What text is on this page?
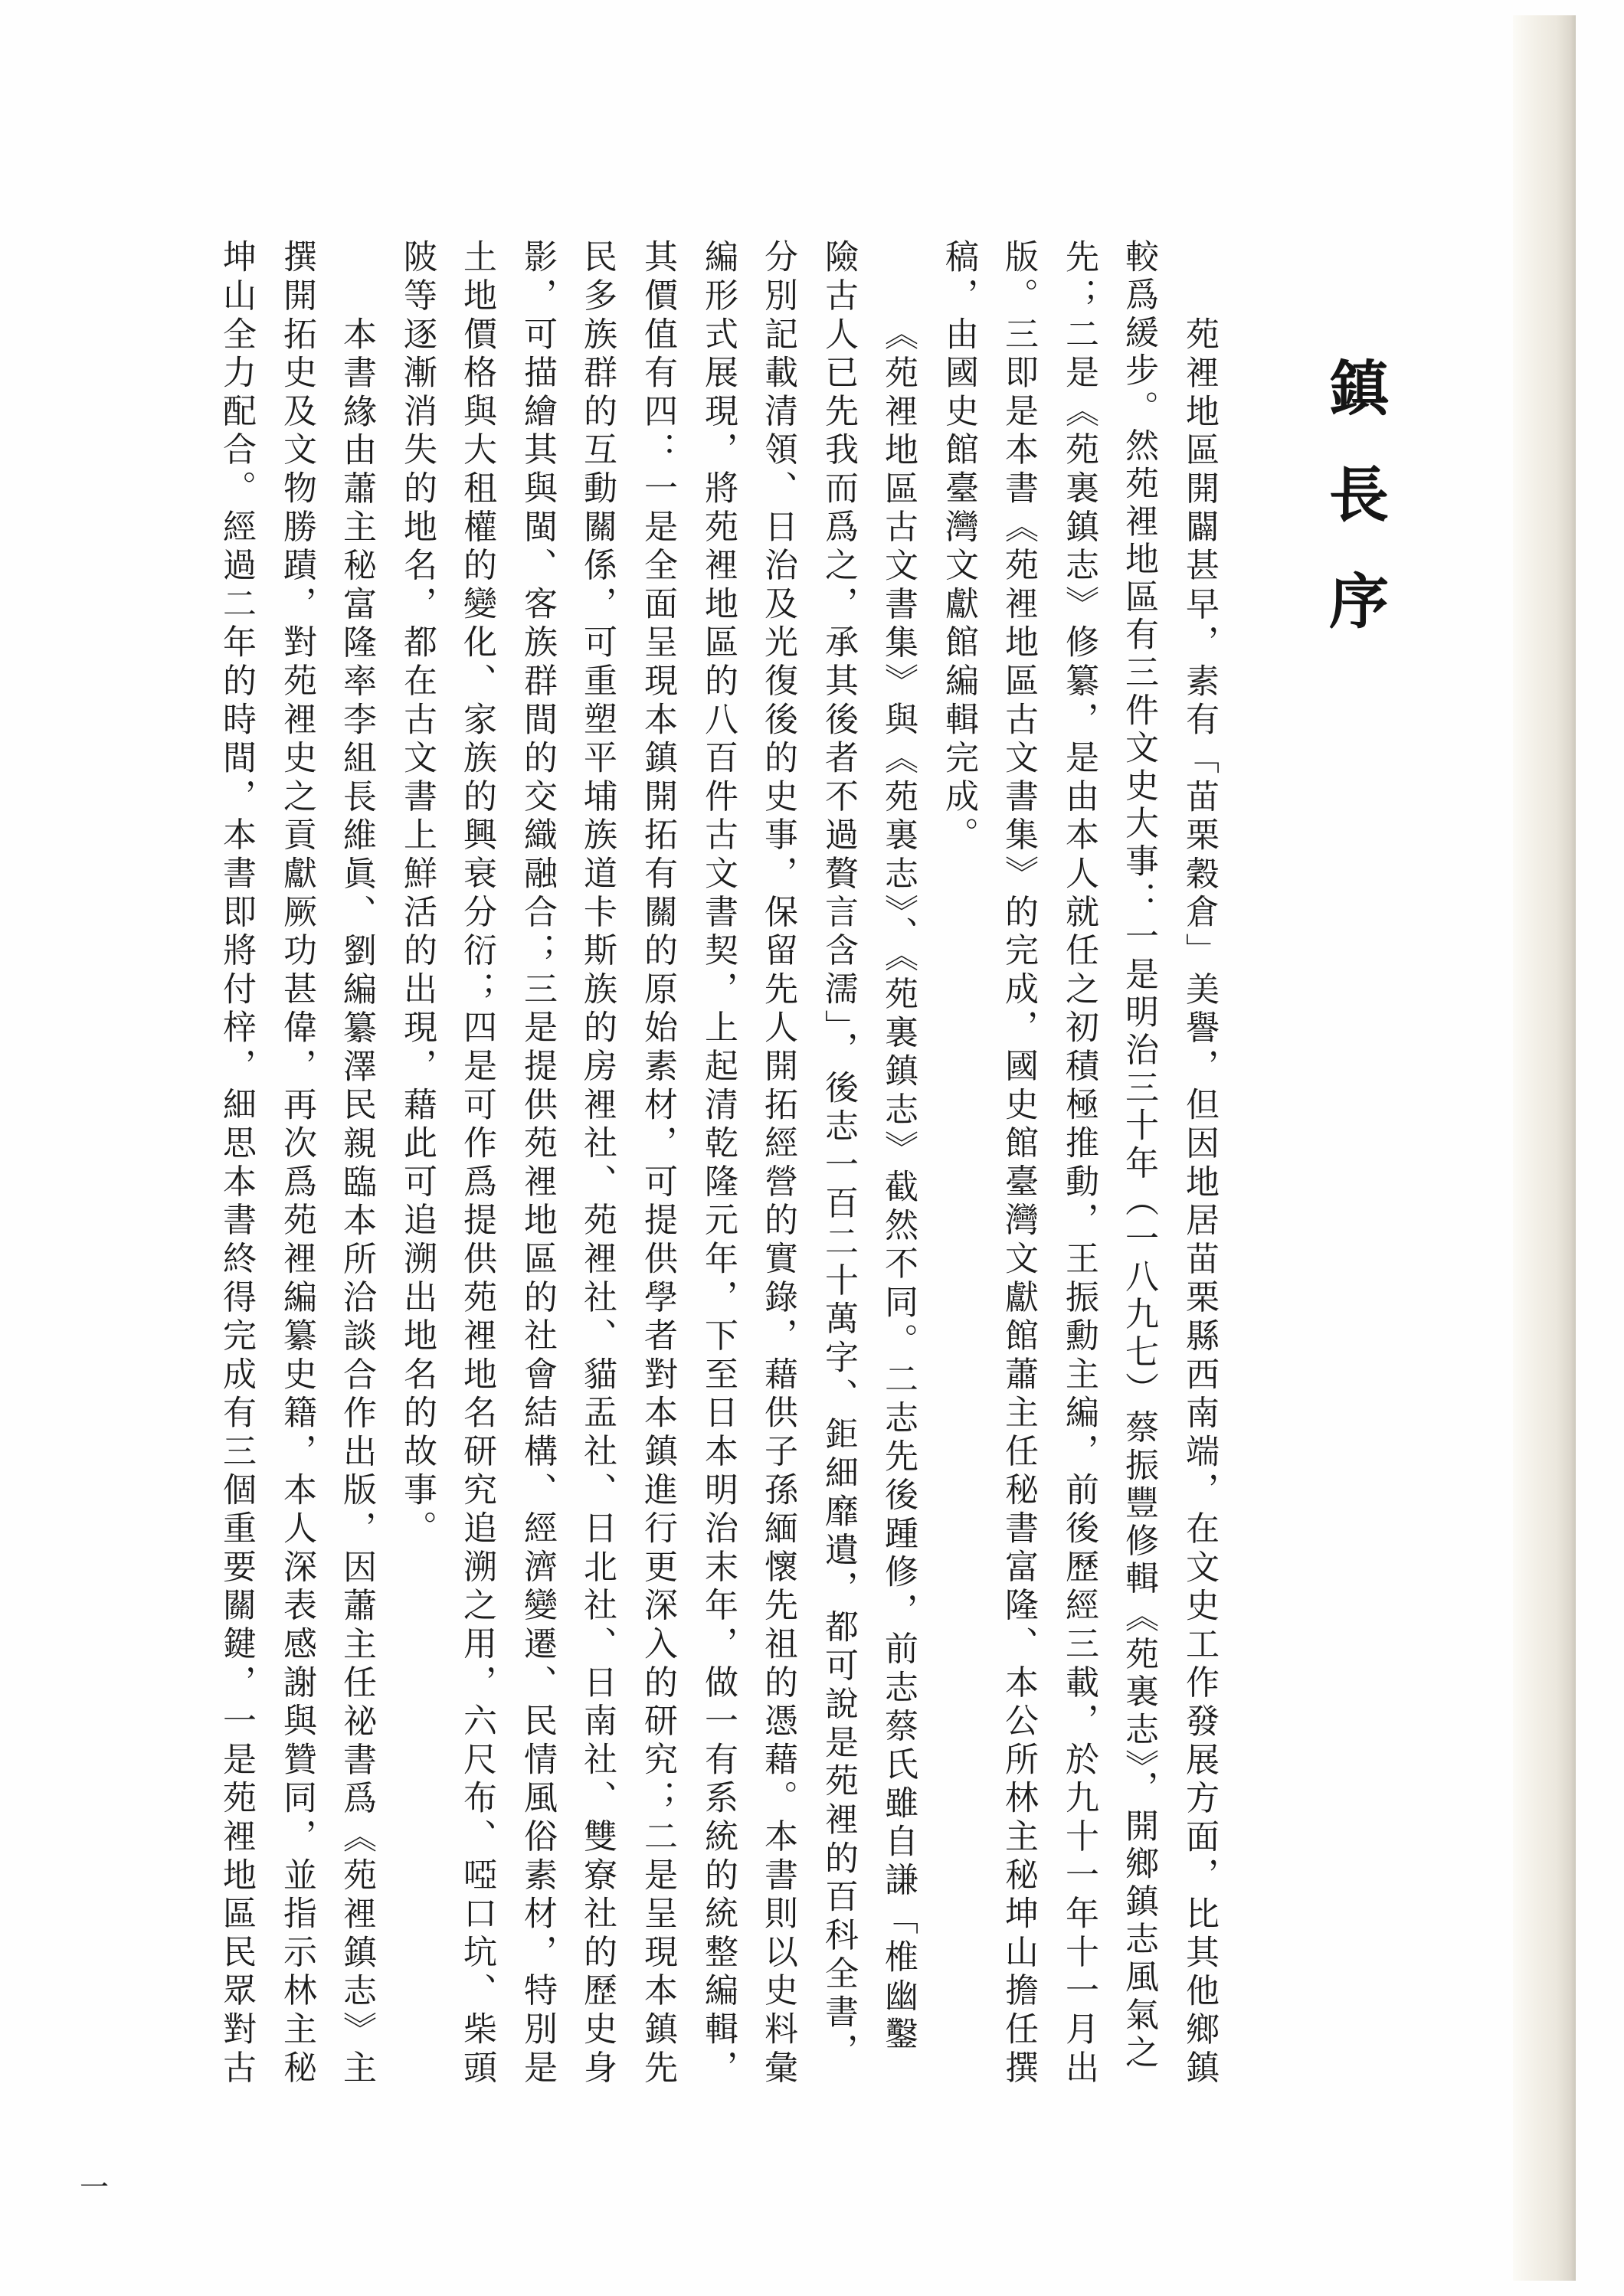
鎮長序
苑裡地區開闢甚早，素有「苗栗穀倉」美譽，但因地居苗栗縣西南端，在文史工作發展方面，比其他鄉鎮
較爲緩步。然苑裡地區有三件文史大事：一是明治三十年（一八九七）蔡振豐修輯《苑裏志》，開鄉鎮志風氣之
先；二是《苑裏鎮志》修纂，是由本人就任之初積極推動，王振勳主編，前後歷經三載，於九十一年十一月出
版。三即是本書《苑裡地區古文書集》的完成，國史館臺灣文獻館蕭主任秘書富隆、本公所林主秘坤山擔任撰
稿，由國史館臺灣文獻館編輯完成。
《苑裡地區古文書集》與《苑裏志》、《苑裏鎮志》截然不同。二志先後踵修，前志蔡氏雖自謙「椎幽鑿
險古人已先我而爲之，承其後者不過贅言含濡」，後志一百二十萬字、鉅細靡遺，都可說是苑裡的百科全書，
分別記載清領、日治及光復後的史事，保留先人開拓經營的實錄，藉供子孫緬懷先祖的憑藉。本書則以史料彙
編形式展現，將苑裡地區的八百件古文書契，上起清乾隆元年，下至日本明治末年，做一有系統的統整編輯，
其價值有四：一是全面呈現本鎮開拓有關的原始素材，可提供學者對本鎮進行更深入的研究；二是呈現本鎮先
民多族群的互動關係，可重塑平埔族道卡斯族的房裡社、苑裡社、貓盂社、日北社、日南社、雙寮社的歷史身
影，可描繪其與閩、客族群間的交織融合；三是提供苑裡地區的社會結構、經濟變遷、民情風俗素材，特別是
土地價格與大租權的變化、家族的興衰分衍；四是可作爲提供苑裡地名研究追溯之用，六尺布、啞口坑、柴頭
陂等逐漸消失的地名，都在古文書上鮮活的出現，藉此可追溯出地名的故事。
本書緣由蕭主秘富隆率李組長維眞、劉編纂澤民親臨本所洽談合作出版，因蕭主任祕書爲《苑裡鎮志》主
撰開拓史及文物勝蹟，對苑裡史之貢獻厥功甚偉，再次爲苑裡編纂史籍，本人深表感謝與贊同，並指示林主秘
坤山全力配合。經過二年的時間，本書即將付梓，細思本書終得完成有三個重要關鍵，一是苑裡地區民眾對古
一
